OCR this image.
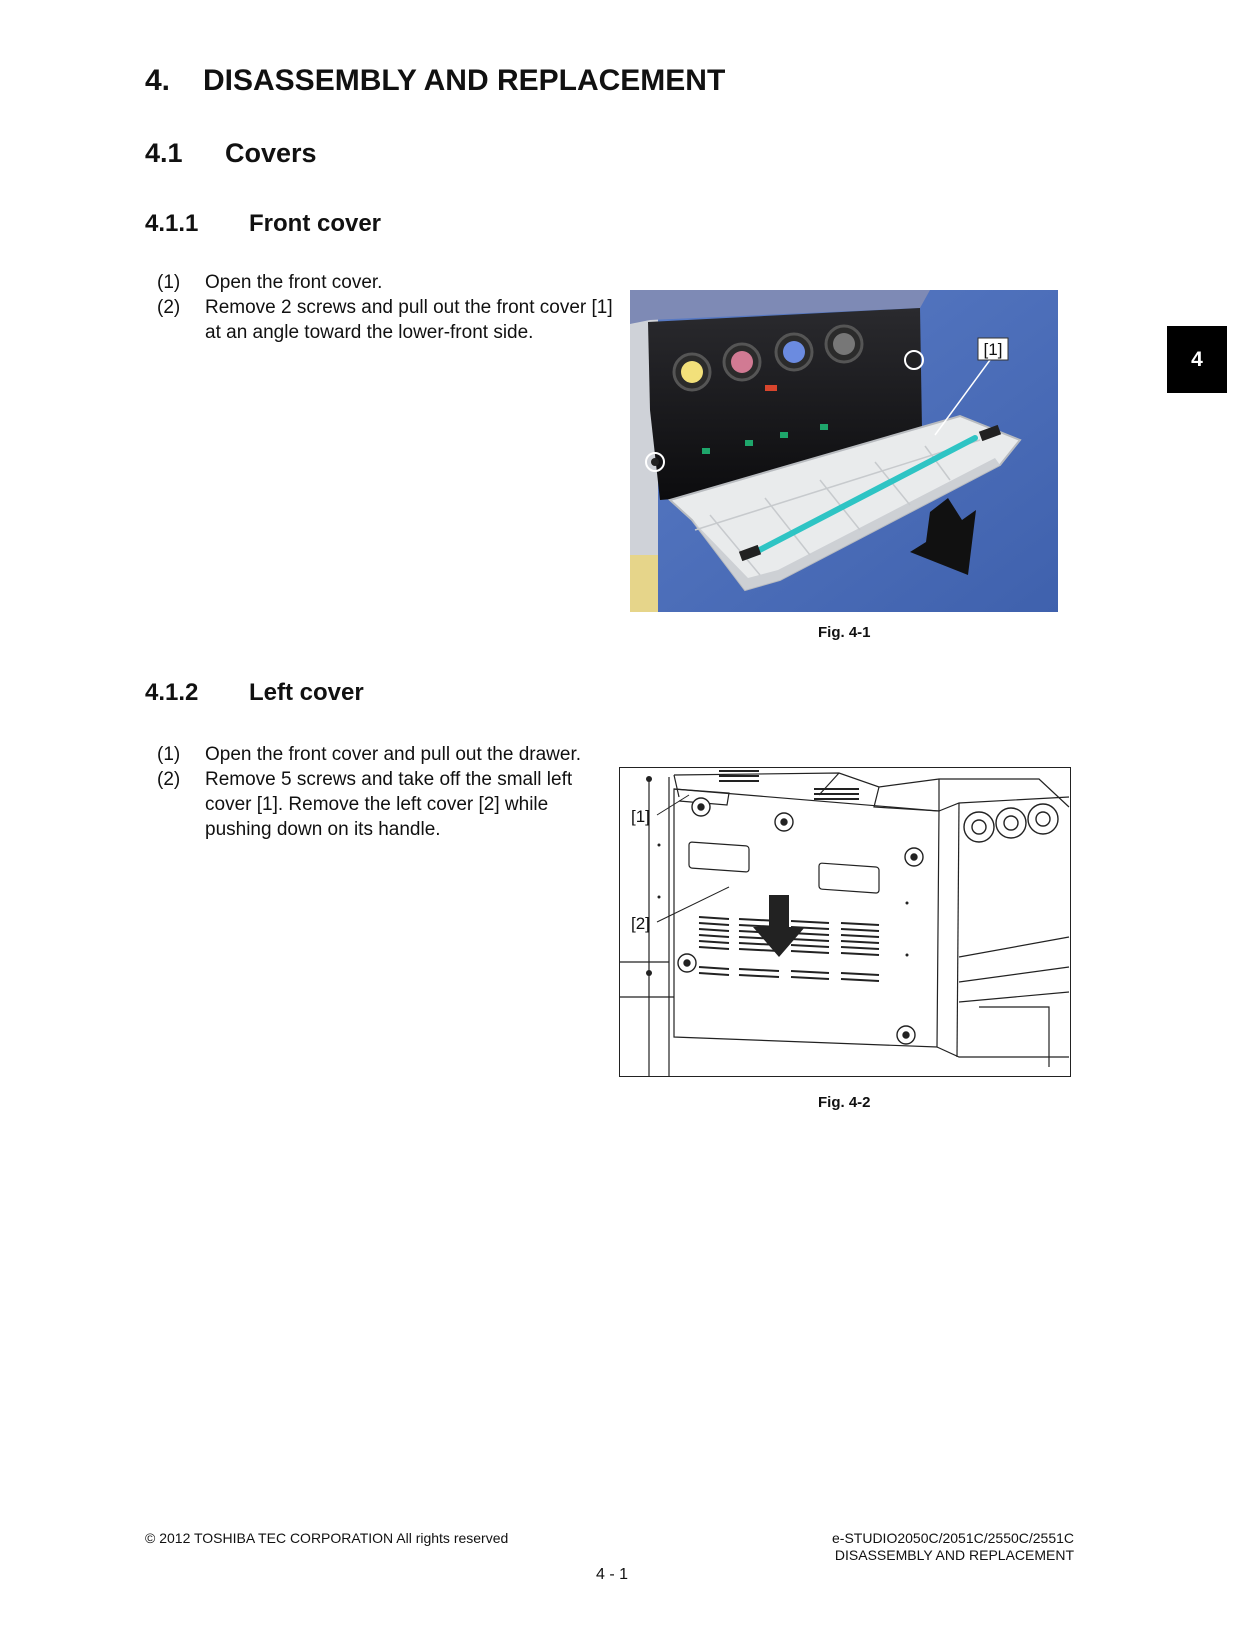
4. DISASSEMBLY AND REPLACEMENT
4.1 Covers
4.1.1 Front cover
(1)	Open the front cover.
(2)	Remove 2 screws and pull out the front cover [1] at an angle toward the lower-front side.
[1]
Fig. 4-1
4.1.2 Left cover
(1)	Open the front cover and pull out the drawer.
(2)	Remove 5 screws and take off the small left cover [1]. Remove the left cover [2] while pushing down on its handle.
[1]
[2]
Fig. 4-2
4
© 2012 TOSHIBA TEC CORPORATION All rights reserved	e-STUDIO2050C/2051C/2550C/2551C
DISASSEMBLY AND REPLACEMENT
4 - 1
